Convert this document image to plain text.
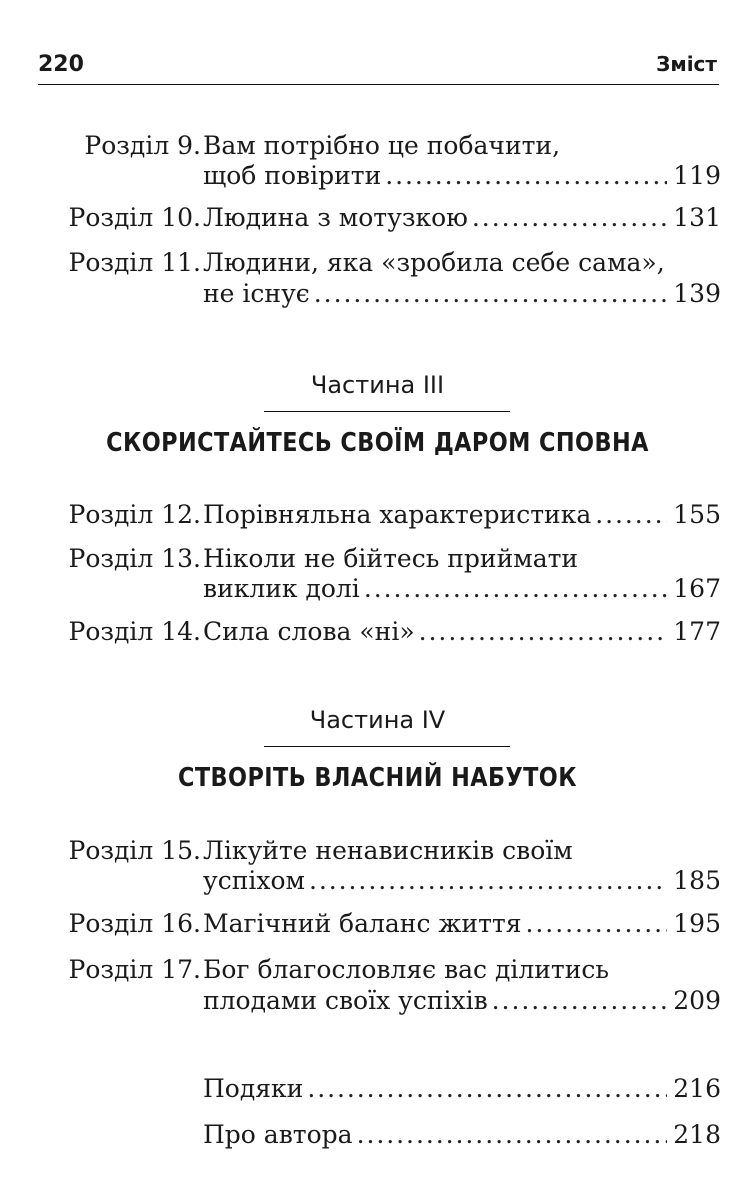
220	Зміст
Розділ 9. Вам потрібно це побачити,
щоб повірити . . .	119
Розділ 10. Людина з мотузкою . . .	131
Розділ 11. Людини, яка «зробила себе сама»,
не існує . . .	139
Частина ІІІ
СКОРИСТАЙТЕСЬ СВОЇМ ДАРОМ СПОВНА
Розділ 12. Порівняльна характеристика . . .	155
Розділ 13. Ніколи не бійтесь приймати
виклик долі . . .	167
Розділ 14. Сила слова «ні» . . .	177
Частина IV
СТВОРІТЬ ВЛАСНИЙ НАБУТОК
Розділ 15. Лікуйте ненависників своїм
успіхом . . .	185
Розділ 16. Магічний баланс життя . . .	195
Розділ 17. Бог благословляє вас ділитись
плодами своїх успіхів . . .	209
Подяки . . .	216
Про автора . . .	218
